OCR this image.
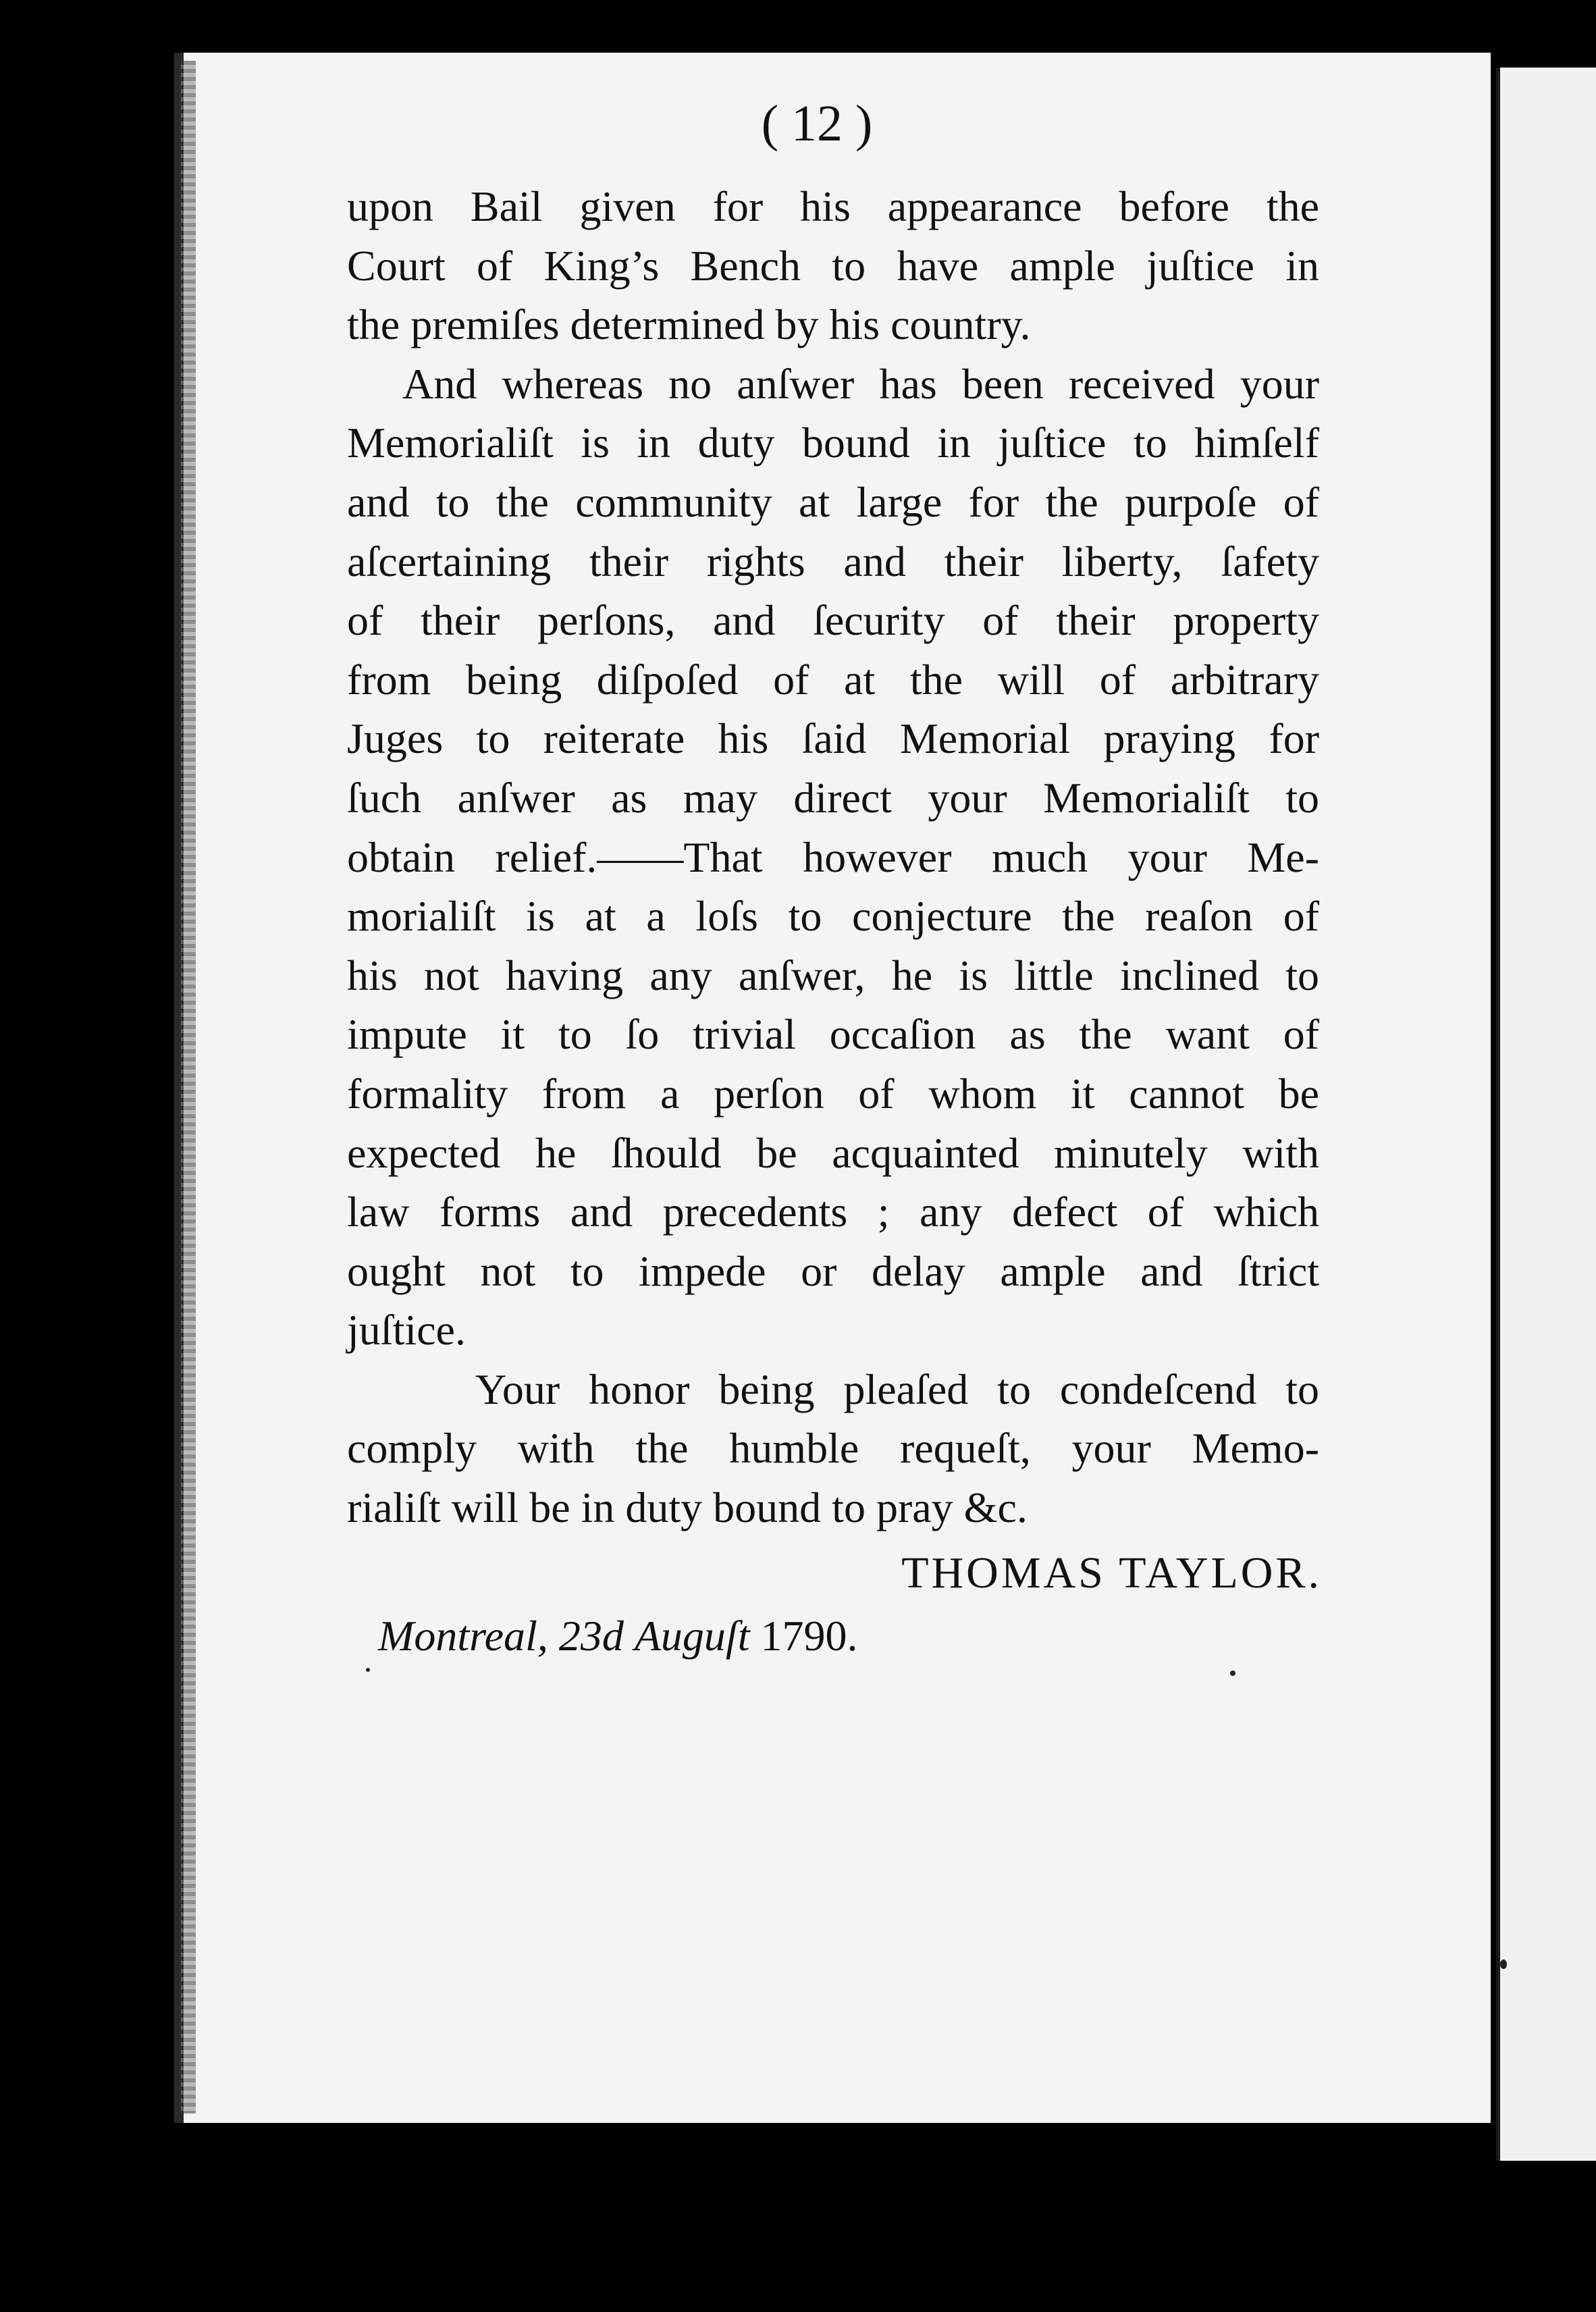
( 12 )
upon Bail given for his appearance before the
Court of King’s Bench to have ample juſtice in
the premiſes determined by his country.
And whereas no anſwer has been received your
Memorialiſt is in duty bound in juſtice to himſelf
and to the community at large for the purpoſe of
aſcertaining their rights and their liberty, ſafety
of their perſons, and ſecurity of their property
from being diſpoſed of at the will of arbitrary
Juges to reiterate his ſaid Memorial praying for
ſuch anſwer as may direct your Memorialiſt to
obtain relief.——That however much your Me-
morialiſt is at a loſs to conjecture the reaſon of
his not having any anſwer, he is little inclined to
impute it to ſo trivial occaſion as the want of
formality from a perſon of whom it cannot be
expected he ſhould be acquainted minutely with
law forms and precedents ; any defect of which
ought not to impede or delay ample and ſtrict
juſtice.
Your honor being pleaſed to condeſcend to
comply with the humble requeſt, your Memo-
rialiſt will be in duty bound to pray &c.
THOMAS TAYLOR.
Montreal, 23d Auguſt 1790.
